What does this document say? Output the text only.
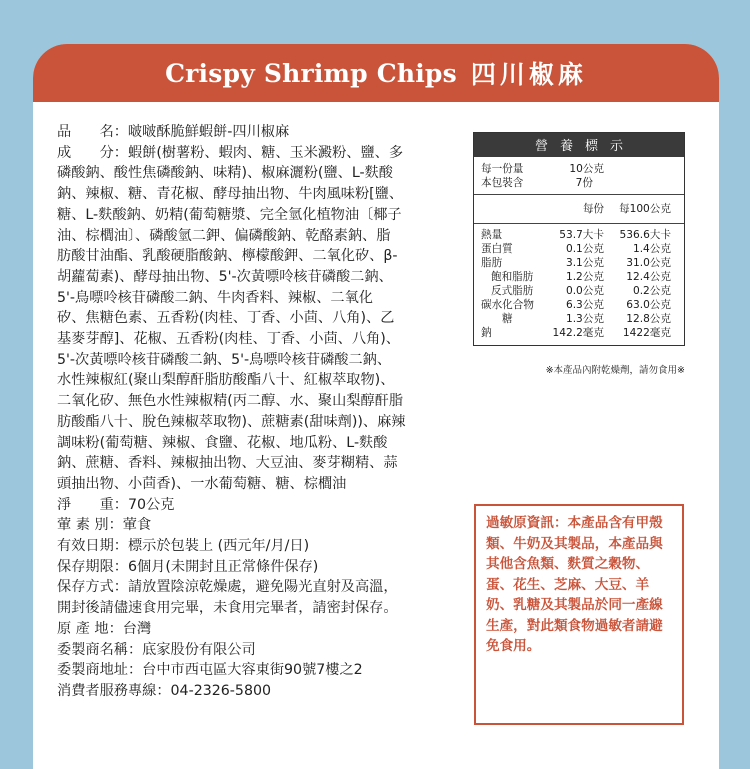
Crispy Shrimp Chips 四川椒麻

品　　名：啵啵酥脆鮮蝦餅-四川椒麻

成　　分：蝦餅(樹薯粉、蝦肉、糖、玉米澱粉、鹽、多

磷酸鈉、酸性焦磷酸鈉、味精)、椒麻灑粉(鹽、L-麩酸

鈉、辣椒、糖、青花椒、酵母抽出物、牛肉風味粉[鹽、

糖、L-麩酸鈉、奶精(葡萄糖漿、完全氫化植物油〔椰子

油、棕櫚油〕、磷酸氫二鉀、偏磷酸鈉、乾酪素鈉、脂

肪酸甘油酯、乳酸硬脂酸鈉、檸檬酸鉀、二氧化矽、β-

胡蘿蔔素)、酵母抽出物、5'-次黃嘌呤核苷磷酸二鈉、

5'-鳥嘌呤核苷磷酸二鈉、牛肉香料、辣椒、二氧化

矽、焦糖色素、五香粉(肉桂、丁香、小茴、八角)、乙

基麥芽醇]、花椒、五香粉(肉桂、丁香、小茴、八角)、

5'-次黃嘌呤核苷磷酸二鈉、5'-鳥嘌呤核苷磷酸二鈉、

水性辣椒紅(聚山梨醇酐脂肪酸酯八十、紅椒萃取物)、

二氧化矽、無色水性辣椒精(丙二醇、水、聚山梨醇酐脂

肪酸酯八十、脫色辣椒萃取物)、蔗糖素(甜味劑))、麻辣

調味粉(葡萄糖、辣椒、食鹽、花椒、地瓜粉、L-麩酸

鈉、蔗糖、香料、辣椒抽出物、大豆油、麥芽糊精、蒜

頭抽出物、小茴香)、一水葡萄糖、糖、棕櫚油

淨　　重：70公克

葷 素 別：葷食

有效日期：標示於包裝上 (西元年/月/日)

保存期限：6個月(未開封且正常條件保存)

保存方式：請放置陰涼乾燥處，避免陽光直射及高溫，

開封後請儘速食用完畢，未食用完畢者，請密封保存。

原 產 地：台灣

委製商名稱：底家股份有限公司

委製商地址：台中市西屯區大容東街90號7樓之2

消費者服務專線：04-2326-5800

營養標示
每一份量	10公克
本包裝含	7份
每份	每100公克
熱量	53.7大卡	536.6大卡
蛋白質	0.1公克	1.4公克
脂肪	3.1公克	31.0公克
飽和脂肪	1.2公克	12.4公克
反式脂肪	0.0公克	0.2公克
碳水化合物	6.3公克	63.0公克
糖	1.3公克	12.8公克
鈉	142.2毫克	1422毫克
※本產品內附乾燥劑，請勿食用※
過敏原資訊：本產品含有甲殼類、牛奶及其製品，本產品與其他含魚類、麩質之穀物、蛋、花生、芝麻、大豆、羊奶、乳糖及其製品於同一產線生產，對此類食物過敏者請避免食用。
